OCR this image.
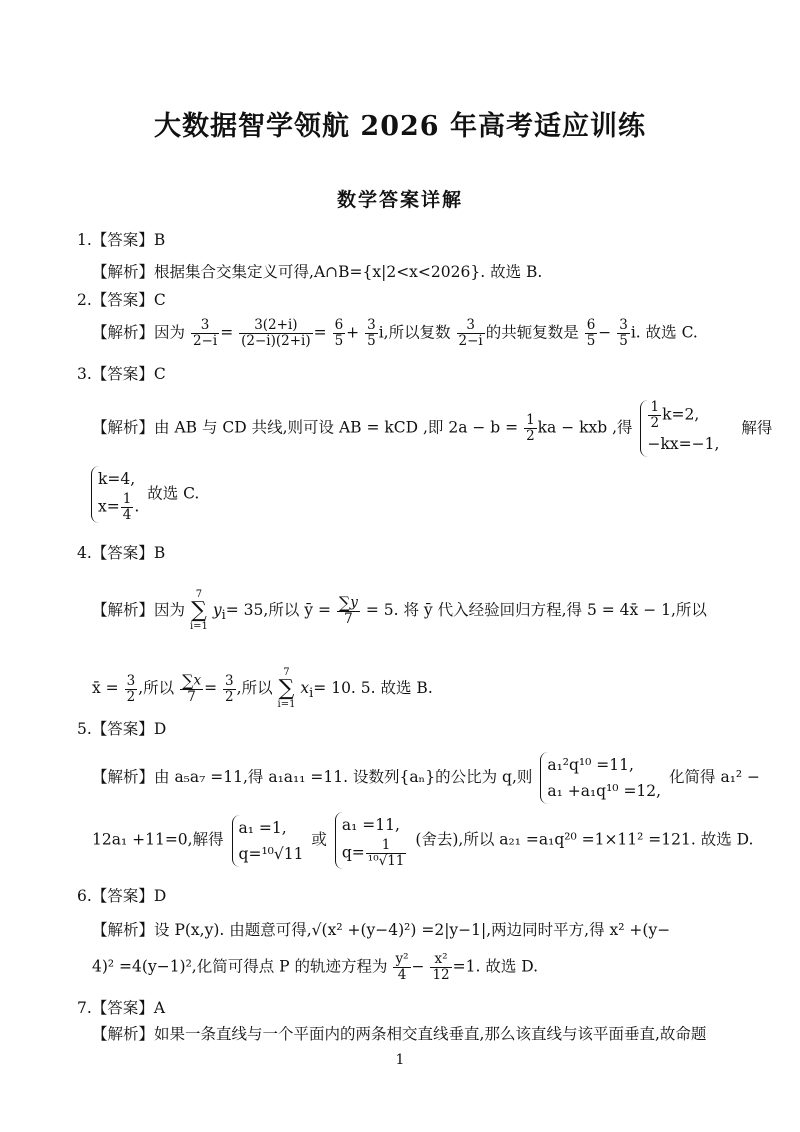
大数据智学领航 2026 年高考适应训练
数学答案详解
1.【答案】B
【解析】根据集合交集定义可得,A∩B={x|2<x<2026}. 故选 B.
2.【答案】C
【解析】因为 $\frac{3}{2-i} = \frac{3(2+i)}{(2-i)(2+i)} = \frac{6}{5} + \frac{3}{5} i$,所以复数 $\frac{3}{2-i}$ 的共轭复数是 $\frac{6}{5} - \frac{3}{5} i$. 故选 C.
3.【答案】C
【解析】由 AB 与 CD 共线,则可设 AB = kCD ,即 $2a - b = \frac{1}{2}$ ka − kxb ,得 $\frac{1}{2} k=2$,
−kx=−1,
解得
k=4,
$x= \frac{1}{4}$ .
故选 C.
4.【答案】B
【解析】因为 7
∑
i=1 $y_i= 35$,所以 ȳ = $\frac{\sum y}{7} = 5$. 将 ȳ 代入经验回归方程,得 5 = 4x̄ − 1,所以
x̄ = $\frac{3}{2}$ ,所以 $\frac{\sum x}{7} = \frac{3}{2}$ ,所以 7
∑
i=1 $x_i= 10$. 5. 故选 B.
5.【答案】D
【解析】由 a₅a₇ =11,得 a₁a₁₁ =11. 设数列{aₙ}的公比为 q,则
a₁²q¹⁰ =11,
a₁ +a₁q¹⁰ =12,
化简得 a₁² −
12a₁ +11=0,解得
a₁ =1,
q=¹⁰√11
或
a₁ =11,
$q= \frac{1}{\text{¹⁰√11}}$ (舍去),所以 a₂₁ =a₁q²⁰ =1×11² =121. 故选 D.
6.【答案】D
【解析】设 P(x,y). 由题意可得,√(x² +(y−4)²) =2|y−1|,两边同时平方,得 x² +(y−
4)² =4(y−1)²,化简可得点 P 的轨迹方程为 $\frac{\text{y²}}{4} - \frac{\text{x²}}{12} =1$. 故选 D.
7.【答案】A
【解析】如果一条直线与一个平面内的两条相交直线垂直,那么该直线与该平面垂直,故命题
1
